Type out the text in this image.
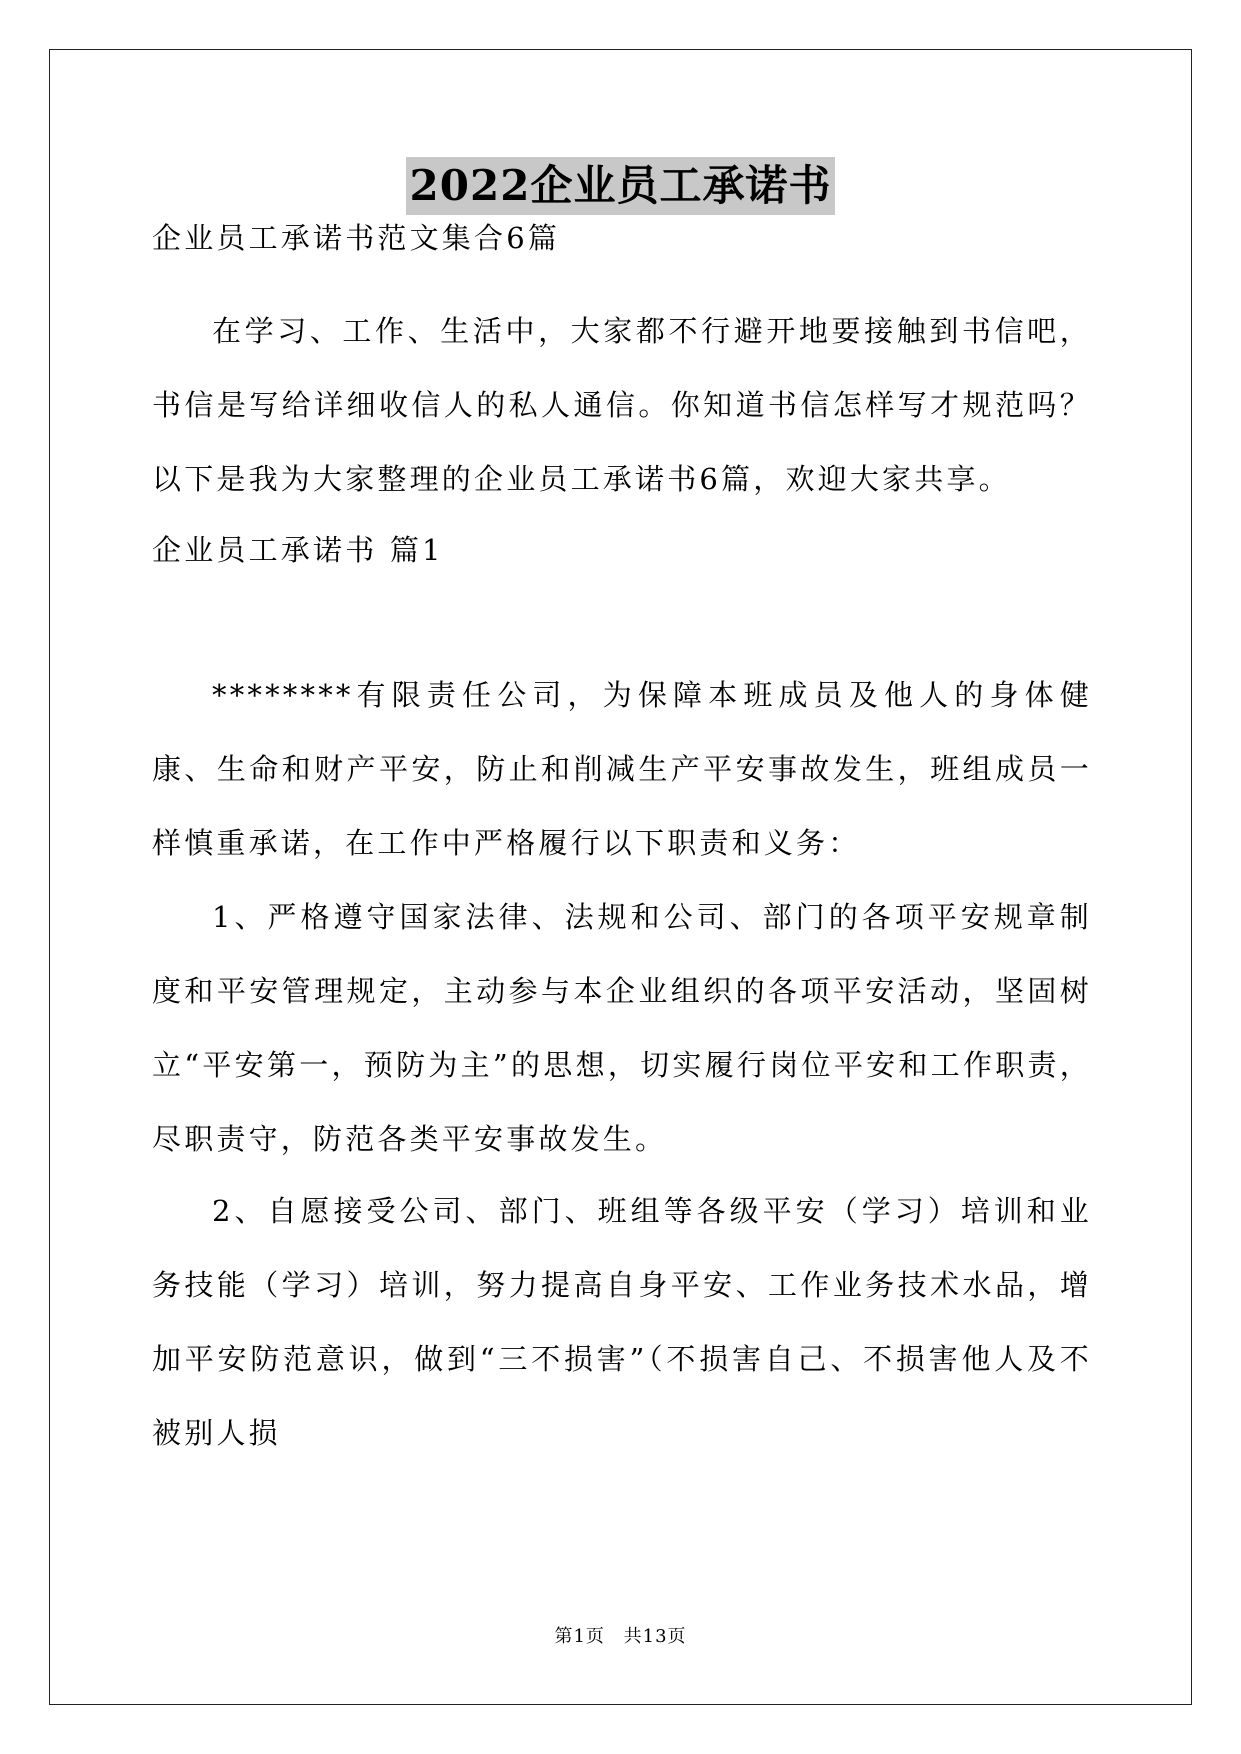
2022企业员工承诺书
企业员工承诺书范文集合6篇
在学习、工作、生活中，大家都不行避开地要接触到书信吧，书信是写给详细收信人的私人通信。你知道书信怎样写才规范吗？以下是我为大家整理的企业员工承诺书6篇，欢迎大家共享。
企业员工承诺书 篇1
********有限责任公司，为保障本班成员及他人的身体健康、生命和财产平安，防止和削减生产平安事故发生，班组成员一样慎重承诺，在工作中严格履行以下职责和义务：
1、严格遵守国家法律、法规和公司、部门的各项平安规章制度和平安管理规定，主动参与本企业组织的各项平安活动，坚固树立“平安第一，预防为主”的思想，切实履行岗位平安和工作职责，尽职责守，防范各类平安事故发生。
2、自愿接受公司、部门、班组等各级平安（学习）培训和业务技能（学习）培训，努力提高自身平安、工作业务技术水品，增加平安防范意识，做到“三不损害”（不损害自己、不损害他人及不被别人损
第1页 共13页
